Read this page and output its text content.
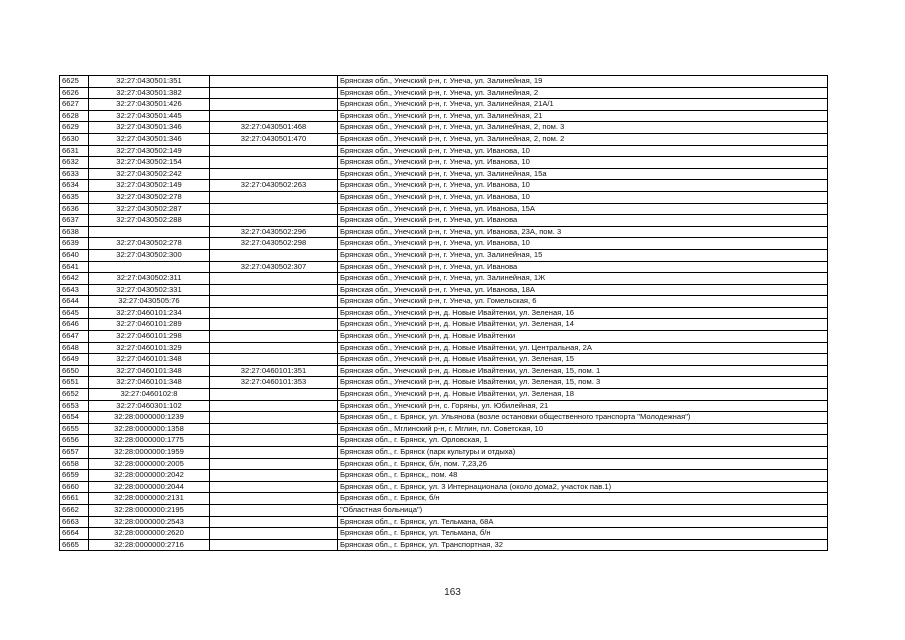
6625	32:27:0430501:351		Брянская обл., Унечский р-н, г. Унеча, ул. Залинейная, 19
6626	32:27:0430501:382		Брянская обл., Унечский р-н, г. Унеча, ул. Залинейная, 2
6627	32:27:0430501:426		Брянская обл., Унечский р-н, г. Унеча, ул. Залинейная, 21А/1
6628	32:27:0430501:445		Брянская обл., Унечский р-н, г. Унеча, ул. Залинейная, 21
6629	32:27:0430501:346	32:27:0430501:468	Брянская обл., Унечский р-н, г. Унеча, ул. Залинейная, 2, пом. 3
6630	32:27:0430501:346	32:27:0430501:470	Брянская обл., Унечский р-н, г. Унеча, ул. Залинейная, 2, пом. 2
6631	32:27:0430502:149		Брянская обл., Унечский р-н, г. Унеча, ул. Иванова, 10
6632	32:27:0430502:154		Брянская обл., Унечский р-н, г. Унеча, ул. Иванова, 10
6633	32:27:0430502:242		Брянская обл., Унечский р-н, г. Унеча, ул. Залинейная, 15а
6634	32:27:0430502:149	32:27:0430502:263	Брянская обл., Унечский р-н, г. Унеча, ул. Иванова, 10
6635	32:27:0430502:278		Брянская обл., Унечский р-н, г. Унеча, ул. Иванова, 10
6636	32:27:0430502:287		Брянская обл., Унечский р-н, г. Унеча, ул. Иванова, 15А
6637	32:27:0430502:288		Брянская обл., Унечский р-н, г. Унеча, ул. Иванова
6638		32:27:0430502:296	Брянская обл., Унечский р-н, г. Унеча, ул. Иванова, 23А, пом. 3
6639	32:27:0430502:278	32:27:0430502:298	Брянская обл., Унечский р-н, г. Унеча, ул. Иванова, 10
6640	32:27:0430502:300		Брянская обл., Унечский р-н, г. Унеча, ул. Залинейная, 15
6641		32:27:0430502:307	Брянская обл., Унечский р-н, г. Унеча, ул. Иванова
6642	32:27:0430502:311		Брянская обл., Унечский р-н, г. Унеча, ул. Залинейная, 1Ж
6643	32:27:0430502:331		Брянская обл., Унечский р-н, г. Унеча, ул. Иванова, 18А
6644	32:27:0430505:76		Брянская обл., Унечский р-н, г. Унеча, ул. Гомельская, 6
6645	32:27:0460101:234		Брянская обл., Унечский р-н, д. Новые Ивайтенки, ул. Зеленая, 16
6646	32:27:0460101:289		Брянская обл., Унечский р-н, д. Новые Ивайтенки, ул. Зеленая, 14
6647	32:27:0460101:298		Брянская обл., Унечский р-н, д. Новые Ивайтенки
6648	32:27:0460101:329		Брянская обл., Унечский р-н, д. Новые Ивайтенки, ул. Центральная, 2А
6649	32:27:0460101:348		Брянская обл., Унечский р-н, д. Новые Ивайтенки, ул. Зеленая, 15
6650	32:27:0460101:348	32:27:0460101:351	Брянская обл., Унечский р-н, д. Новые Ивайтенки, ул. Зеленая, 15, пом. 1
6651	32:27:0460101:348	32:27:0460101:353	Брянская обл., Унечский р-н, д. Новые Ивайтенки, ул. Зеленая, 15, пом. 3
6652	32:27:0460102:8		Брянская обл., Унечский р-н, д. Новые Ивайтенки, ул. Зеленая, 18
6653	32:27:0460301:102		Брянская обл., Унечский р-н, с. Горяны, ул. Юбилейная, 21
6654	32:28:0000000:1239		Брянская обл., г. Брянск, ул. Ульянова (возле остановки общественного транспорта "Молодежная")
6655	32:28:0000000:1358		Брянская обл., Мглинский р-н, г. Мглин, пл. Советская, 10
6656	32:28:0000000:1775		Брянская обл., г. Брянск, ул. Орловская, 1
6657	32:28:0000000:1959		Брянская обл., г. Брянск (парк культуры и отдыха)
6658	32:28:0000000:2005		Брянская обл., г. Брянск, б/н, пом. 7,23,26
6659	32:28:0000000:2042		Брянская обл., г. Брянск,, пом. 48
6660	32:28:0000000:2044		Брянская обл., г. Брянск, ул. 3 Интернационала (около дома2, участок пав.1)
6661	32:28:0000000:2131		Брянская обл., г. Брянск, б/н
6662	32:28:0000000:2195		"Областная больница")
6663	32:28:0000000:2543		Брянская обл., г. Брянск, ул. Тельмана, 68А
6664	32:28:0000000:2620		Брянская обл., г. Брянск, ул. Тельмана, б/н
6665	32:28:0000000:2716		Брянская обл., г. Брянск, ул. Транспортная, 32
163
